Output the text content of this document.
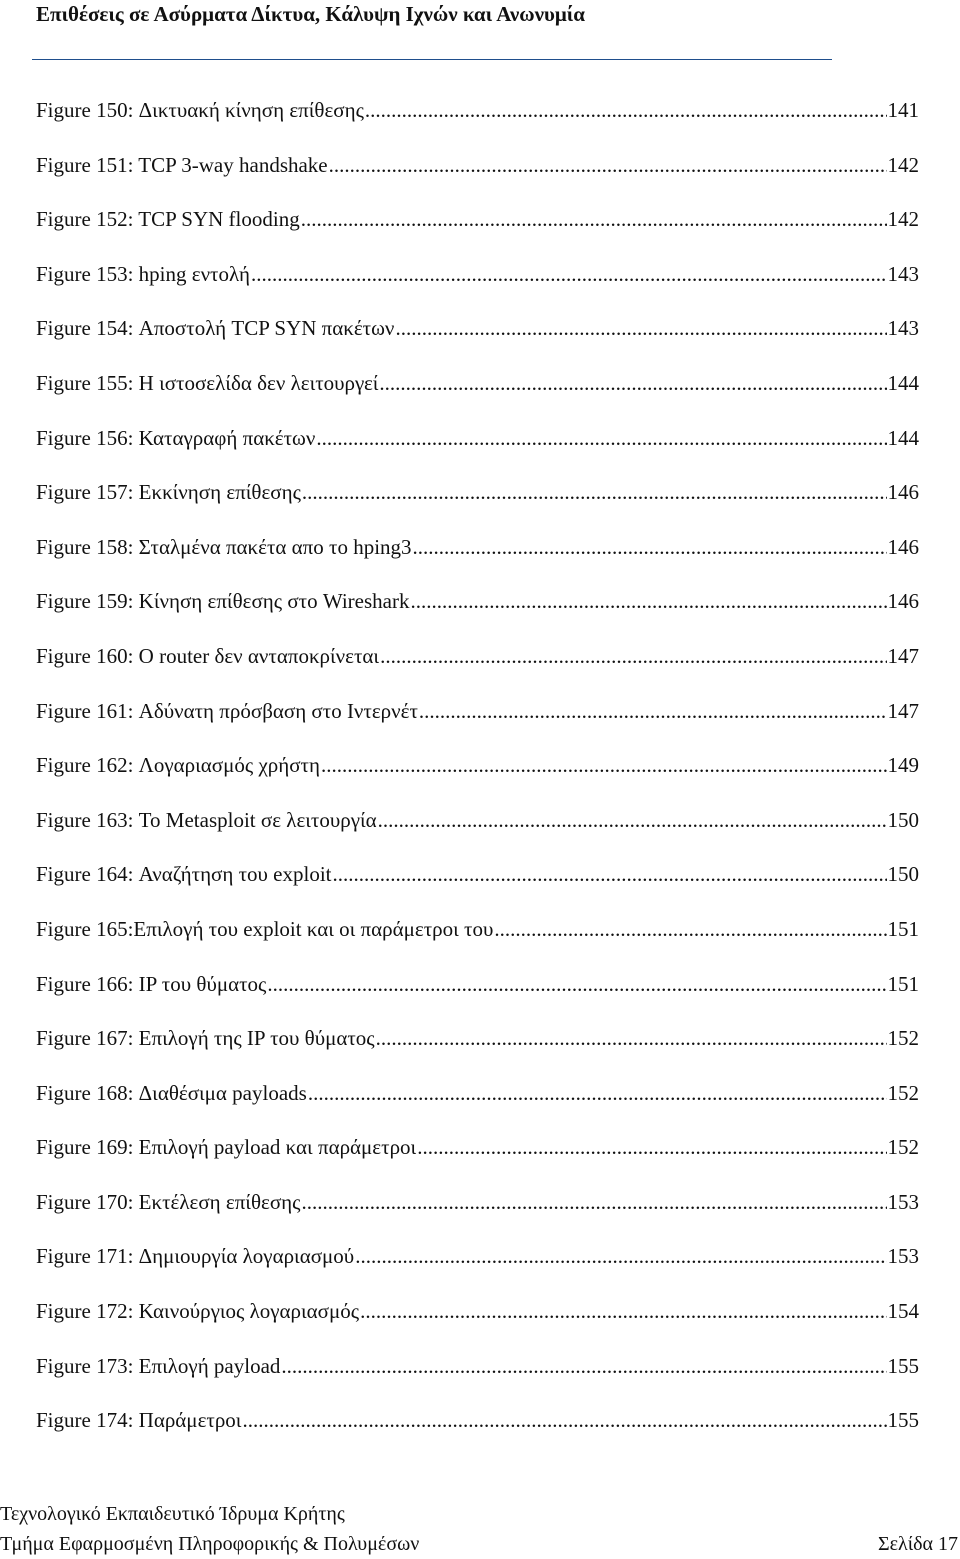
Επιθέσεις σε Ασύρματα Δίκτυα, Κάλυψη Ιχνών και Ανωνυμία
Figure 150: Δικτυακή κίνηση επίθεσης .....	141
Figure 151: TCP 3-way handshake .....	142
Figure 152: TCP SYN flooding .....	142
Figure 153: hping εντολή .....	143
Figure 154: Αποστολή TCP SYN πακέτων .....	143
Figure 155: Η ιστοσελίδα δεν λειτουργεί .....	144
Figure 156: Καταγραφή πακέτων .....	144
Figure 157: Εκκίνηση επίθεσης .....	146
Figure 158: Σταλμένα πακέτα απο το hping3 .....	146
Figure 159: Κίνηση επίθεσης στο Wireshark .....	146
Figure 160: O router δεν ανταποκρίνεται .....	147
Figure 161: Αδύνατη πρόσβαση στο Ιντερνέτ .....	147
Figure 162: Λογαριασμός χρήστη .....	149
Figure 163: Το Metasploit σε λειτουργία .....	150
Figure 164: Αναζήτηση του exploit .....	150
Figure 165:Επιλογή του exploit και οι παράμετροι του .....	151
Figure 166: IP του θύματος .....	151
Figure 167: Επιλογή της IP του θύματος .....	152
Figure 168: Διαθέσιμα payloads .....	152
Figure 169: Επιλογή payload και παράμετροι .....	152
Figure 170: Εκτέλεση επίθεσης .....	153
Figure 171: Δημιουργία λογαριασμού .....	153
Figure 172: Καινούργιος λογαριασμός .....	154
Figure 173: Επιλογή payload .....	155
Figure 174: Παράμετροι .....	155
Τεχνολογικό Εκπαιδευτικό Ίδρυμα Κρήτης
Τμήμα Εφαρμοσμένη Πληροφορικής & Πολυμέσων	Σελίδα 17
